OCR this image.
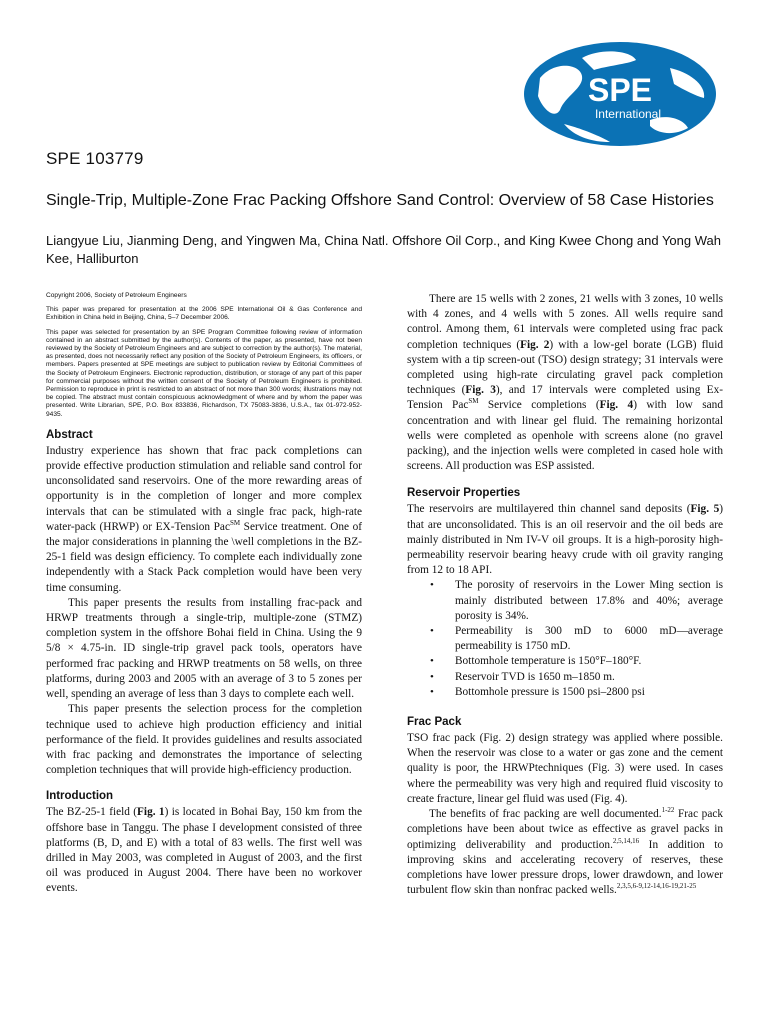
SPE
International
SPE 103779
Single-Trip, Multiple-Zone Frac Packing Offshore Sand Control: Overview of 58 Case Histories
Liangyue Liu, Jianming Deng, and Yingwen Ma, China Natl. Offshore Oil Corp., and King Kwee Chong and Yong Wah Kee, Halliburton

Copyright 2006, Society of Petroleum Engineers

This paper was prepared for presentation at the 2006 SPE International Oil & Gas Conference and Exhibition in China held in Beijing, China, 5–7 December 2006.

This paper was selected for presentation by an SPE Program Committee following review of information contained in an abstract submitted by the author(s). Contents of the paper, as presented, have not been reviewed by the Society of Petroleum Engineers and are subject to correction by the author(s). The material, as presented, does not necessarily reflect any position of the Society of Petroleum Engineers, its officers, or members. Papers presented at SPE meetings are subject to publication review by Editorial Committees of the Society of Petroleum Engineers. Electronic reproduction, distribution, or storage of any part of this paper for commercial purposes without the written consent of the Society of Petroleum Engineers is prohibited. Permission to reproduce in print is restricted to an abstract of not more than 300 words; illustrations may not be copied. The abstract must contain conspicuous acknowledgment of where and by whom the paper was presented. Write Librarian, SPE, P.O. Box 833836, Richardson, TX 75083-3836, U.S.A., fax 01-972-952-9435.

Abstract

Industry experience has shown that frac pack completions can provide effective production stimulation and reliable sand control for unconsolidated sand reservoirs. One of the more rewarding areas of opportunity is in the completion of longer and more complex intervals that can be stimulated with a single frac pack, high-rate water-pack (HRWP) or EX-Tension Pac℠ Service treatment. One of the major considerations in planning the \well completions in the BZ-25-1 field was design efficiency. To complete each individually zone independently with a Stack Pack completion would have been very time consuming.

This paper presents the results from installing frac-pack and HRWP treatments through a single-trip, multiple-zone (STMZ) completion system in the offshore Bohai field in China. Using the 9 5/8 × 4.75-in. ID single-trip gravel pack tools, operators have performed frac packing and HRWP treatments on 58 wells, on three platforms, during 2003 and 2005 with an average of 3 to 5 zones per well, spending an average of less than 3 days to complete each well.

This paper presents the selection process for the completion technique used to achieve high production efficiency and initial performance of the field. It provides guidelines and results associated with frac packing and demonstrates the importance of selecting completion techniques that will provide high-efficiency production.

Introduction

The BZ-25-1 field (Fig. 1) is located in Bohai Bay, 150 km from the offshore base in Tanggu. The phase I development consisted of three platforms (B, D, and E) with a total of 83 wells. The first well was drilled in May 2003, was completed in August of 2003, and the first oil was produced in August 2004. There have been no workover events.

There are 15 wells with 2 zones, 21 wells with 3 zones, 10 wells with 4 zones, and 4 wells with 5 zones. All wells require sand control. Among them, 61 intervals were completed using frac pack completion techniques (Fig. 2) with a low-gel borate (LGB) fluid system with a tip screen-out (TSO) design strategy; 31 intervals were completed using high-rate circulating gravel pack completion techniques (Fig. 3), and 17 intervals were completed using Ex-Tension Pac℠ Service completions (Fig. 4) with low sand concentration and with linear gel fluid. The remaining horizontal wells were completed as openhole with screens alone (no gravel packing), and the injection wells were completed in cased hole with screens. All production was ESP assisted.

Reservoir Properties

The reservoirs are multilayered thin channel sand deposits (Fig. 5) that are unconsolidated. This is an oil reservoir and the oil beds are mainly distributed in Nm IV-V oil groups. It is a high-porosity high-permeability reservoir bearing heavy crude with oil gravity ranging from 12 to 18 API.

• The porosity of reservoirs in the Lower Ming section is mainly distributed between 17.8% and 40%; average porosity is 34%.
• Permeability is 300 mD to 6000 mD—average permeability is 1750 mD.
• Bottomhole temperature is 150°F–180°F.
• Reservoir TVD is 1650 m–1850 m.
• Bottomhole pressure is 1500 psi–2800 psi
Frac Pack

TSO frac pack (Fig. 2) design strategy was applied where possible. When the reservoir was close to a water or gas zone and the cement quality is poor, the HRWPtechniques (Fig. 3) were used. In cases where the permeability was very high and required fluid viscosity to create fracture, linear gel fluid was used (Fig. 4).

The benefits of frac packing are well documented.$^{1-22}$ Frac pack completions have been about twice as effective as gravel packs in optimizing deliverability and production.$^{2,5,14,16}$ In addition to improving skins and accelerating recovery of reserves, these completions have lower pressure drops, lower drawdown, and lower turbulent flow skin than nonfrac packed wells.$^{2,3,5,6-9,12-14,16-19,21-25}$
